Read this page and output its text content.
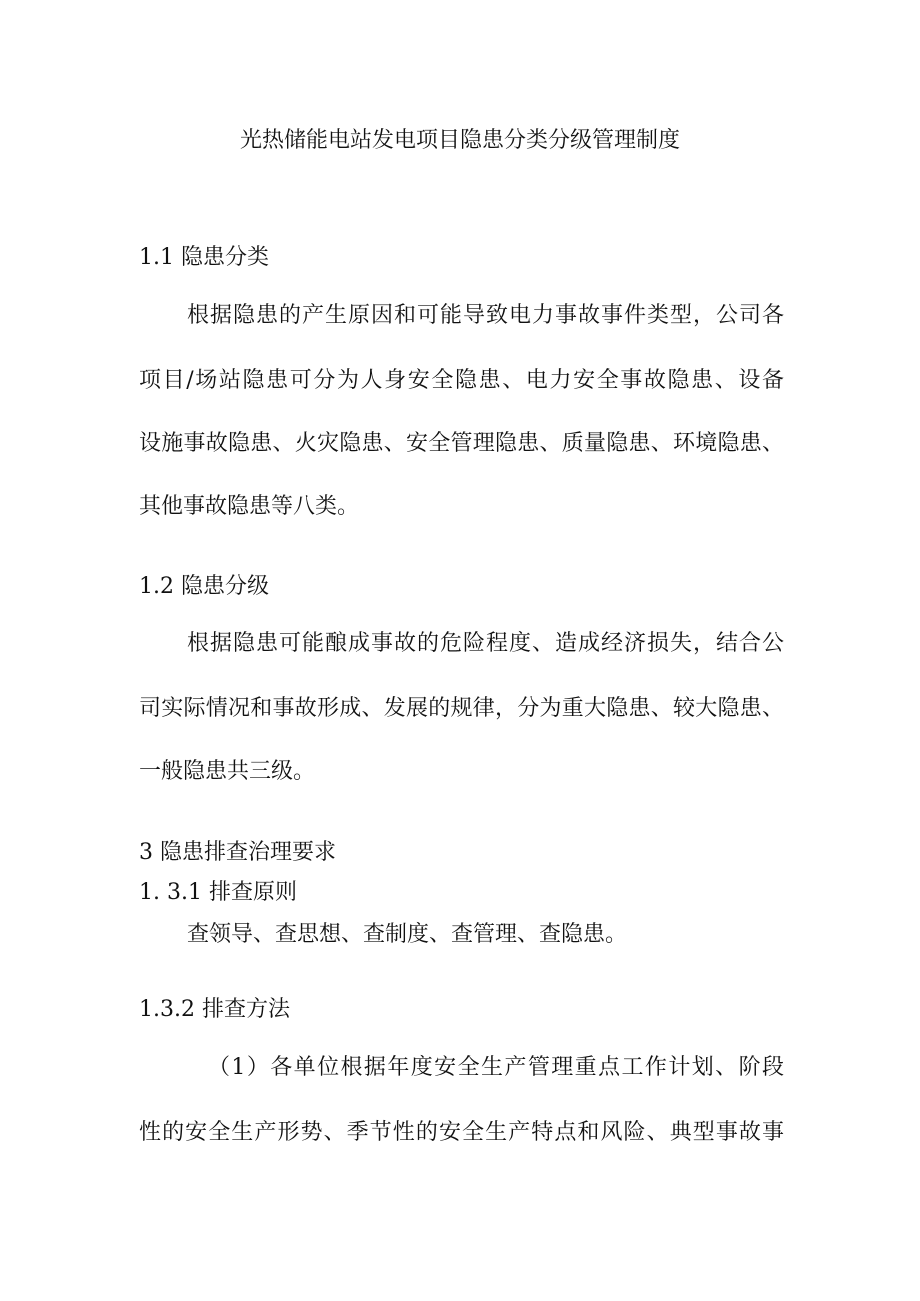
光热储能电站发电项目隐患分类分级管理制度
1.1 隐患分类
根据隐患的产生原因和可能导致电力事故事件类型，公司各
项目/场站隐患可分为人身安全隐患、电力安全事故隐患、设备
设施事故隐患、火灾隐患、安全管理隐患、质量隐患、环境隐患、
其他事故隐患等八类。
1.2 隐患分级
根据隐患可能酿成事故的危险程度、造成经济损失，结合公
司实际情况和事故形成、发展的规律，分为重大隐患、较大隐患、
一般隐患共三级。
3 隐患排查治理要求
1. 3.1 排查原则
查领导、查思想、查制度、查管理、查隐患。
1.3.2 排查方法
（1）各单位根据年度安全生产管理重点工作计划、阶段
性的安全生产形势、季节性的安全生产特点和风险、典型事故事
